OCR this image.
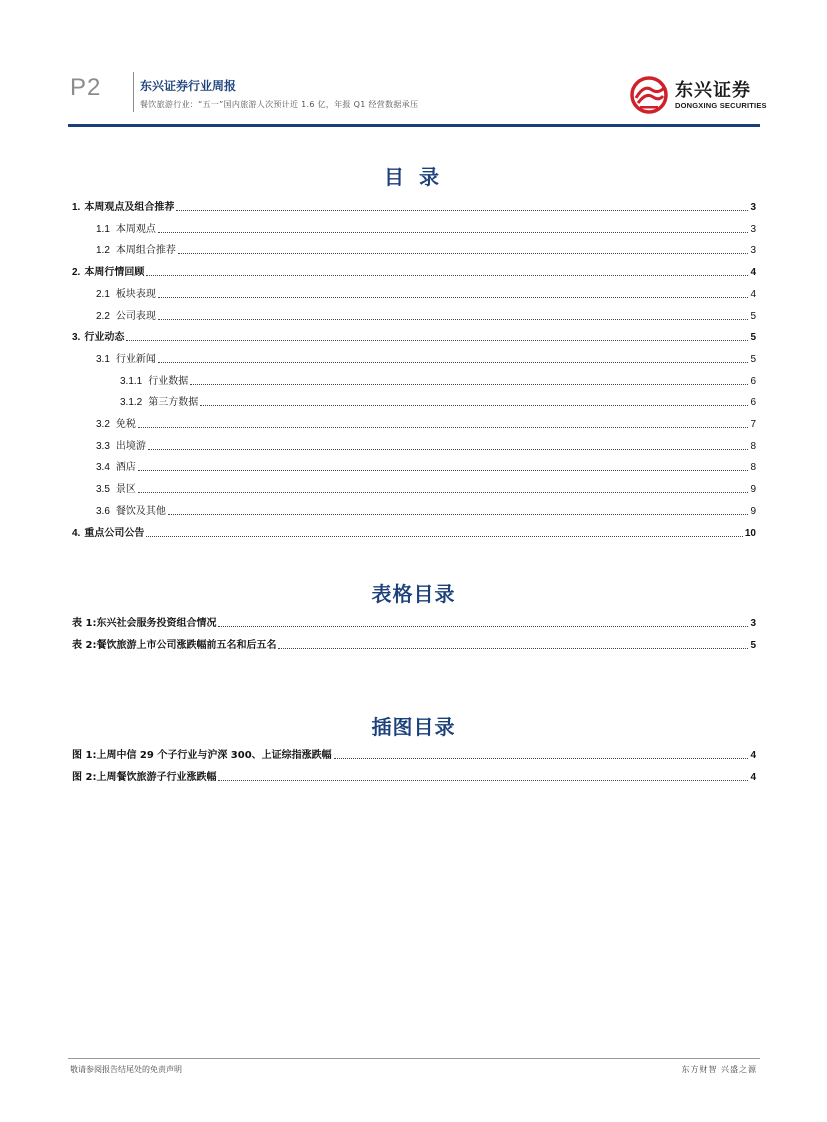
P2	东兴证券行业周报
餐饮旅游行业：“五一”国内旅游人次预计近 1.6 亿，年报 Q1 经营数据承压
东兴证券
DONGXING SECURITIES
目 录
1. 本周观点及组合推荐	3
1.1 本周观点	3
1.2 本周组合推荐	3
2. 本周行情回顾	4
2.1 板块表现	4
2.2 公司表现	5
3. 行业动态	5
3.1 行业新闻	5
3.1.1 行业数据	6
3.1.2 第三方数据	6
3.2 免税	7
3.3 出境游	8
3.4 酒店	8
3.5 景区	9
3.6 餐饮及其他	9
4. 重点公司公告	10
表格目录
表 1:东兴社会服务投资组合情况	3
表 2:餐饮旅游上市公司涨跌幅前五名和后五名	5
插图目录
图 1:上周中信 29 个子行业与沪深 300、上证综指涨跌幅	4
图 2:上周餐饮旅游子行业涨跌幅	4
敬请参阅报告结尾处的免责声明	东方财智 兴盛之源
